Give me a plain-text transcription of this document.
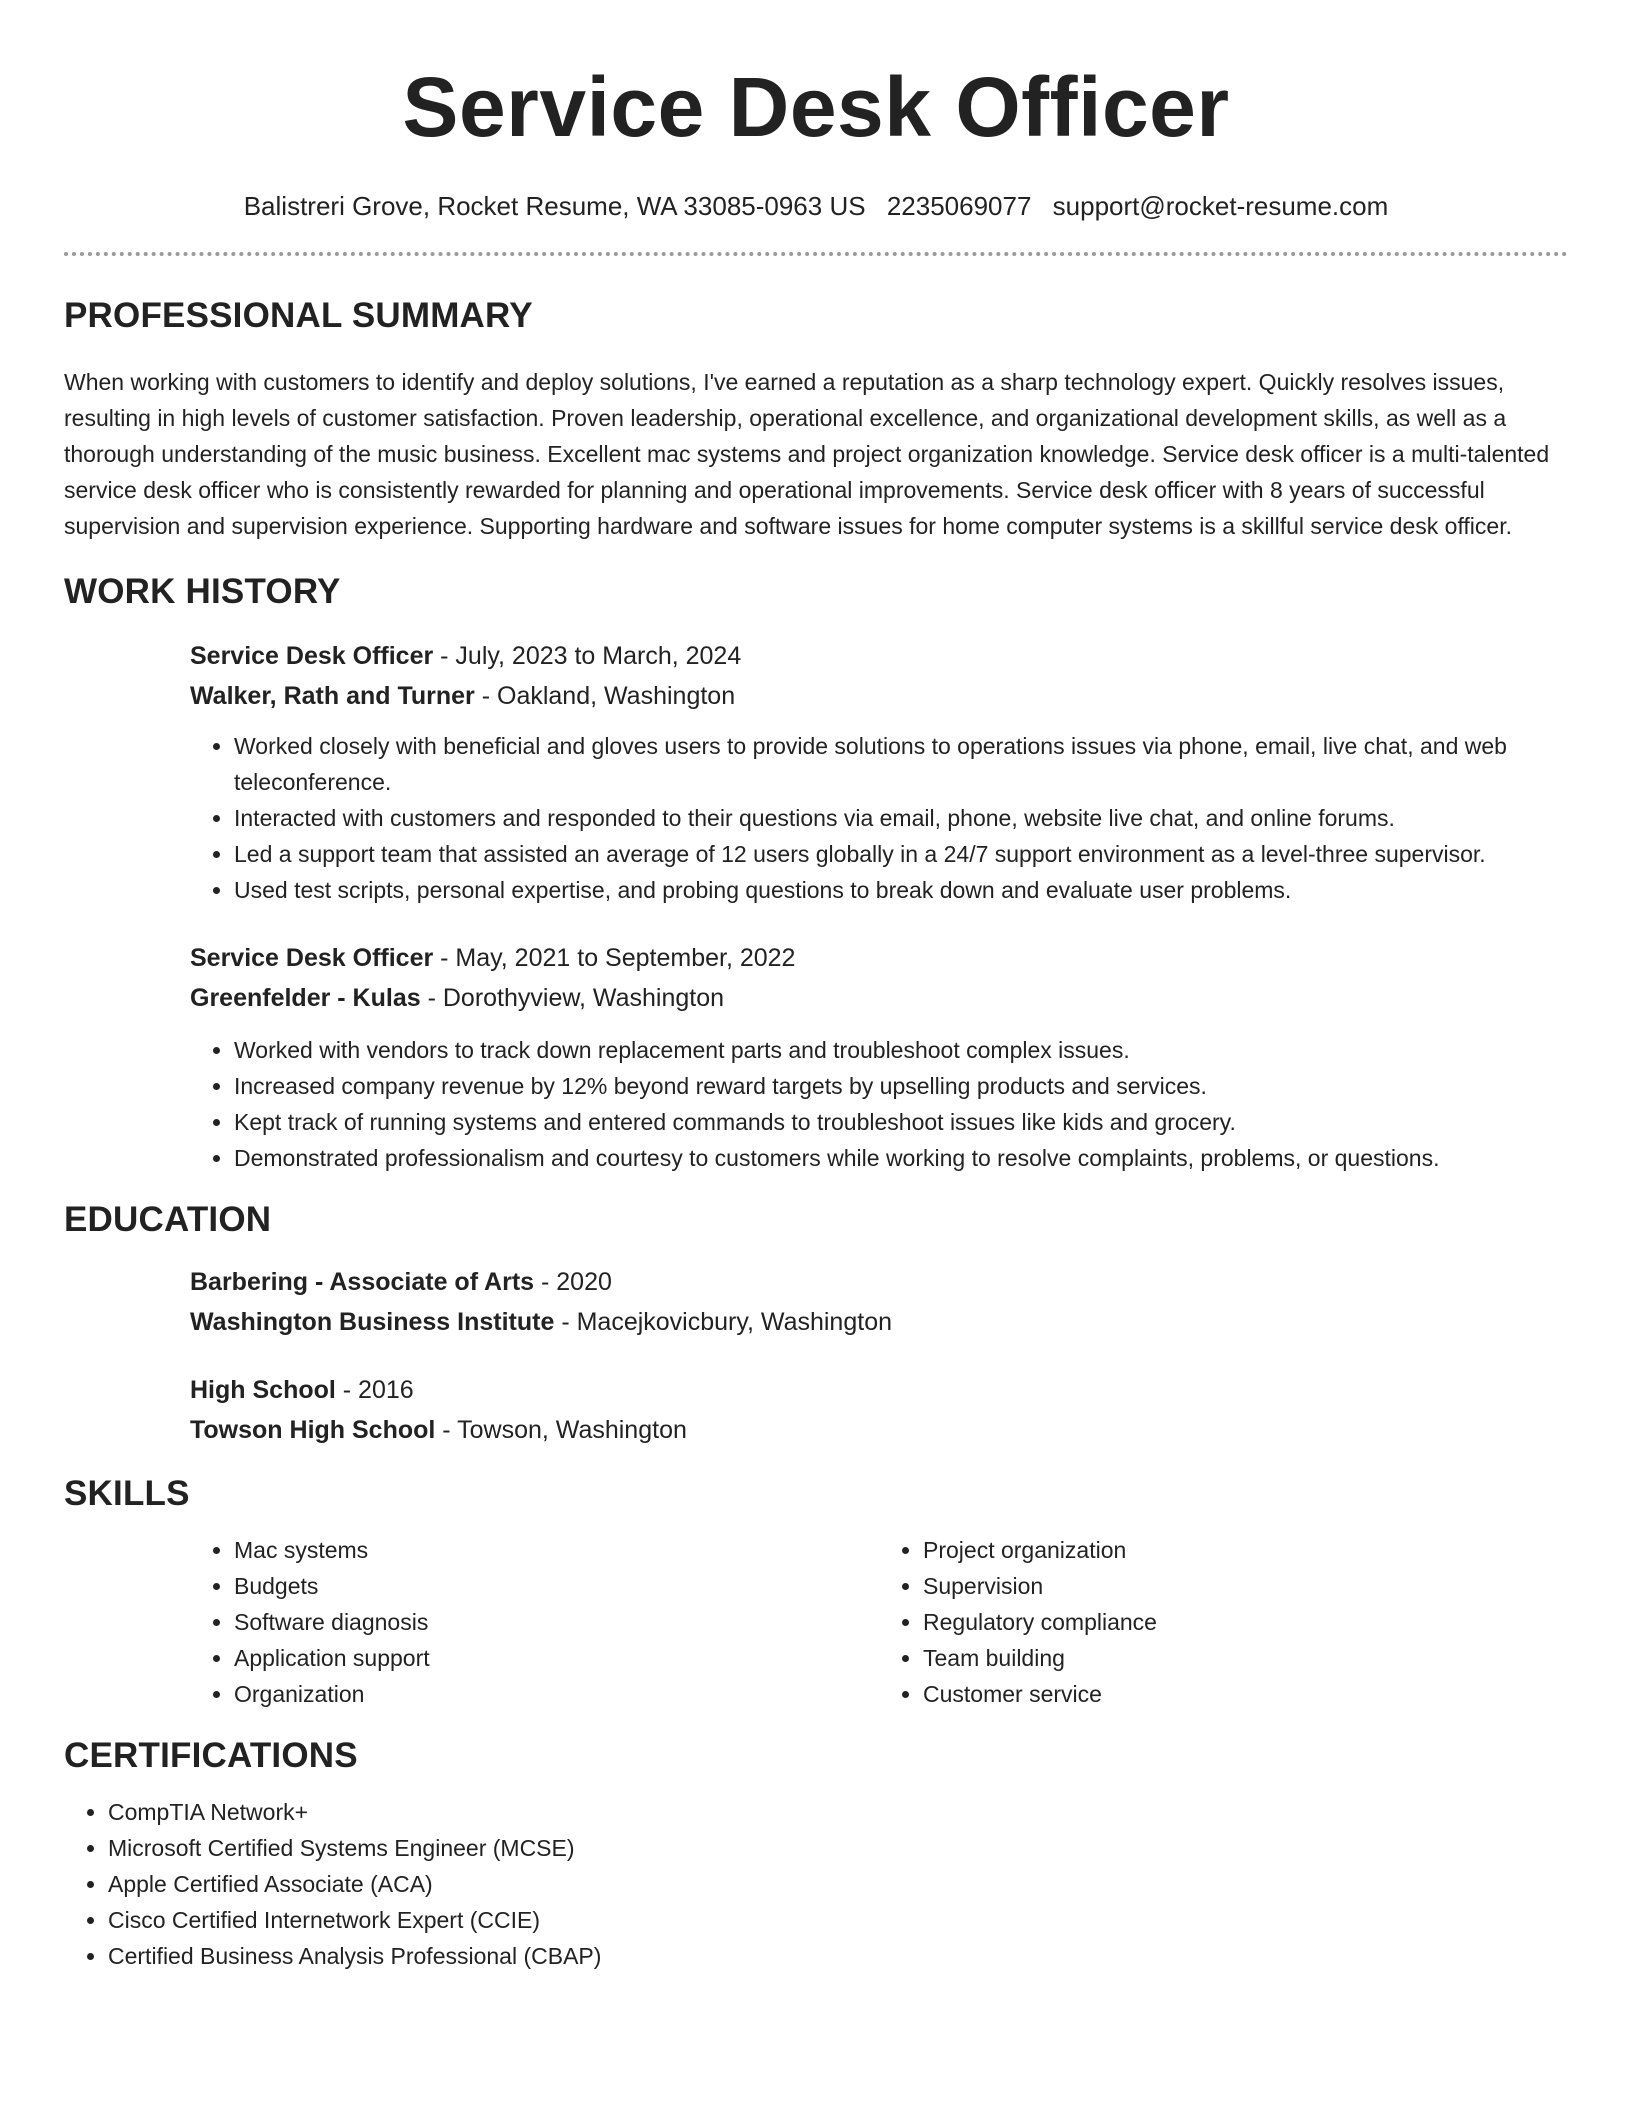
Service Desk Officer
Balistreri Grove, Rocket Resume, WA 33085-0963 US 2235069077 support@rocket-resume.com
PROFESSIONAL SUMMARY

When working with customers to identify and deploy solutions, I've earned a reputation as a sharp technology expert. Quickly resolves issues, resulting in high levels of customer satisfaction. Proven leadership, operational excellence, and organizational development skills, as well as a thorough understanding of the music business. Excellent mac systems and project organization knowledge. Service desk officer is a multi-talented service desk officer who is consistently rewarded for planning and operational improvements. Service desk officer with 8 years of successful supervision and supervision experience. Supporting hardware and software issues for home computer systems is a skillful service desk officer.

WORK HISTORY

Service Desk Officer - July, 2023 to March, 2024

Walker, Rath and Turner - Oakland, Washington

• Worked closely with beneficial and gloves users to provide solutions to operations issues via phone, email, live chat, and web teleconference.
• Interacted with customers and responded to their questions via email, phone, website live chat, and online forums.
• Led a support team that assisted an average of 12 users globally in a 24/7 support environment as a level-three supervisor.
• Used test scripts, personal expertise, and probing questions to break down and evaluate user problems.

Service Desk Officer - May, 2021 to September, 2022

Greenfelder - Kulas - Dorothyview, Washington

• Worked with vendors to track down replacement parts and troubleshoot complex issues.
• Increased company revenue by 12% beyond reward targets by upselling products and services.
• Kept track of running systems and entered commands to troubleshoot issues like kids and grocery.
• Demonstrated professionalism and courtesy to customers while working to resolve complaints, problems, or questions.
EDUCATION

Barbering - Associate of Arts - 2020

Washington Business Institute - Macejkovicbury, Washington

High School - 2016

Towson High School - Towson, Washington

SKILLS
• Mac systems
• Budgets
• Software diagnosis
• Application support
• Organization
• Project organization
• Supervision
• Regulatory compliance
• Team building
• Customer service
CERTIFICATIONS
• CompTIA Network+
• Microsoft Certified Systems Engineer (MCSE)
• Apple Certified Associate (ACA)
• Cisco Certified Internetwork Expert (CCIE)
• Certified Business Analysis Professional (CBAP)
